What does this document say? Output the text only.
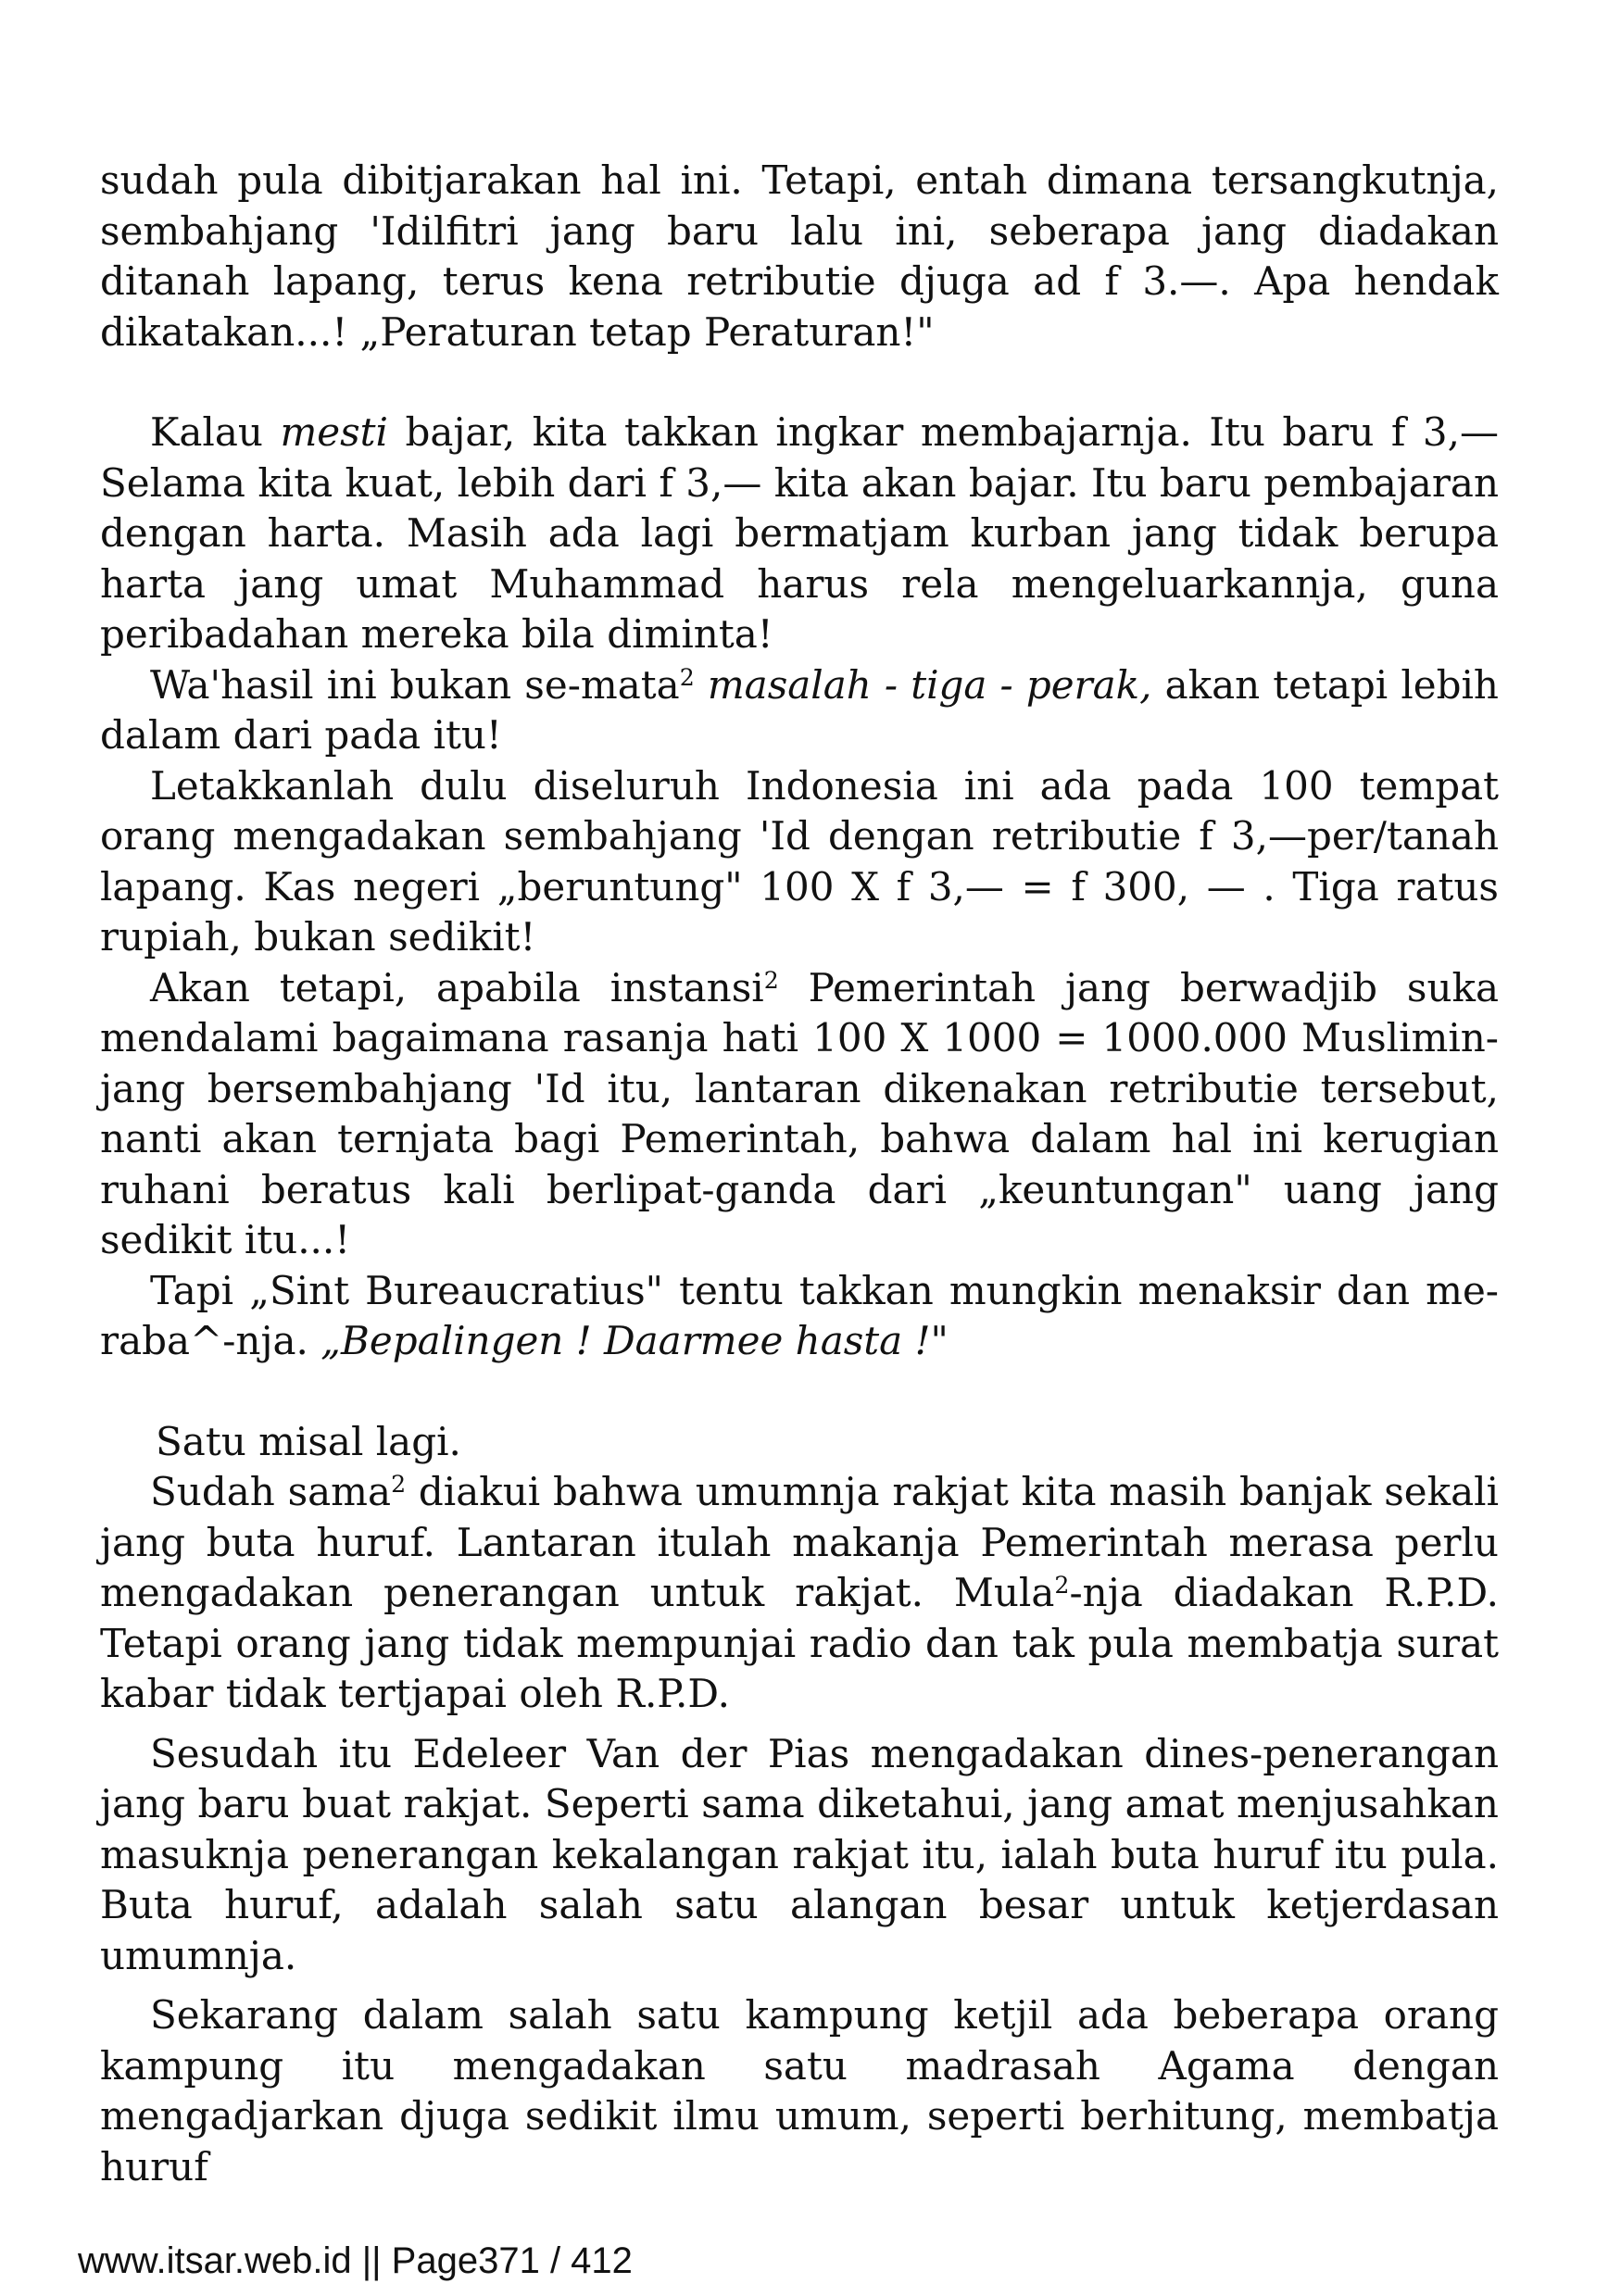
sudah pula dibitjarakan hal ini. Tetapi, entah dimana tersangkutnja, sembahjang 'Idilfitri jang baru lalu ini, seberapa jang diadakan ditanah lapang, terus kena retributie djuga ad f 3.—. Apa hendak dikatakan...! „Peraturan tetap Peraturan!"

Kalau mesti bajar, kita takkan ingkar membajarnja. Itu baru f 3,— Selama kita kuat, lebih dari f 3,— kita akan bajar. Itu baru pembajaran dengan harta. Masih ada lagi bermatjam kurban jang tidak berupa harta jang umat Muhammad harus rela mengeluarkannja, guna peribadahan mereka bila diminta!

Wa'hasil ini bukan se-mata$^2$ masalah - tiga - perak, akan tetapi lebih dalam dari pada itu!

Letakkanlah dulu diseluruh Indonesia ini ada pada 100 tempat orang mengadakan sembahjang 'Id dengan retributie f 3,—per/tanah lapang. Kas negeri „beruntung" 100 X f 3,— = f 300, — . Tiga ratus rupiah, bukan sedikit!

Akan tetapi, apabila instansi$^2$ Pemerintah jang berwadjib suka mendalami bagaimana rasanja hati 100 X 1000 = 1000.000 Muslimin- jang bersembahjang 'Id itu, lantaran dikenakan retributie tersebut, nanti akan ternjata bagi Pemerintah, bahwa dalam hal ini kerugian ruhani beratus kali berlipat-ganda dari „keuntungan" uang jang sedikit itu...!

Tapi „Sint Bureaucratius" tentu takkan mungkin menaksir dan me-raba^-nja. „Bepalingen ! Daarmee hasta !"

Satu misal lagi.

Sudah sama$^2$ diakui bahwa umumnja rakjat kita masih banjak sekali jang buta huruf. Lantaran itulah makanja Pemerintah merasa perlu mengadakan penerangan untuk rakjat. Mula$^2$-nja diadakan R.P.D. Tetapi orang jang tidak mempunjai radio dan tak pula membatja surat kabar tidak tertjapai oleh R.P.D.

Sesudah itu Edeleer Van der Pias mengadakan dines-penerangan jang baru buat rakjat. Seperti sama diketahui, jang amat menjusahkan masuknja penerangan kekalangan rakjat itu, ialah buta huruf itu pula. Buta huruf, adalah salah satu alangan besar untuk ketjerdasan umumnja.

Sekarang dalam salah satu kampung ketjil ada beberapa orang kampung itu mengadakan satu madrasah Agama dengan mengadjarkan djuga sedikit ilmu umum, seperti berhitung, membatja huruf

www.itsar.web.id || Page371 / 412
